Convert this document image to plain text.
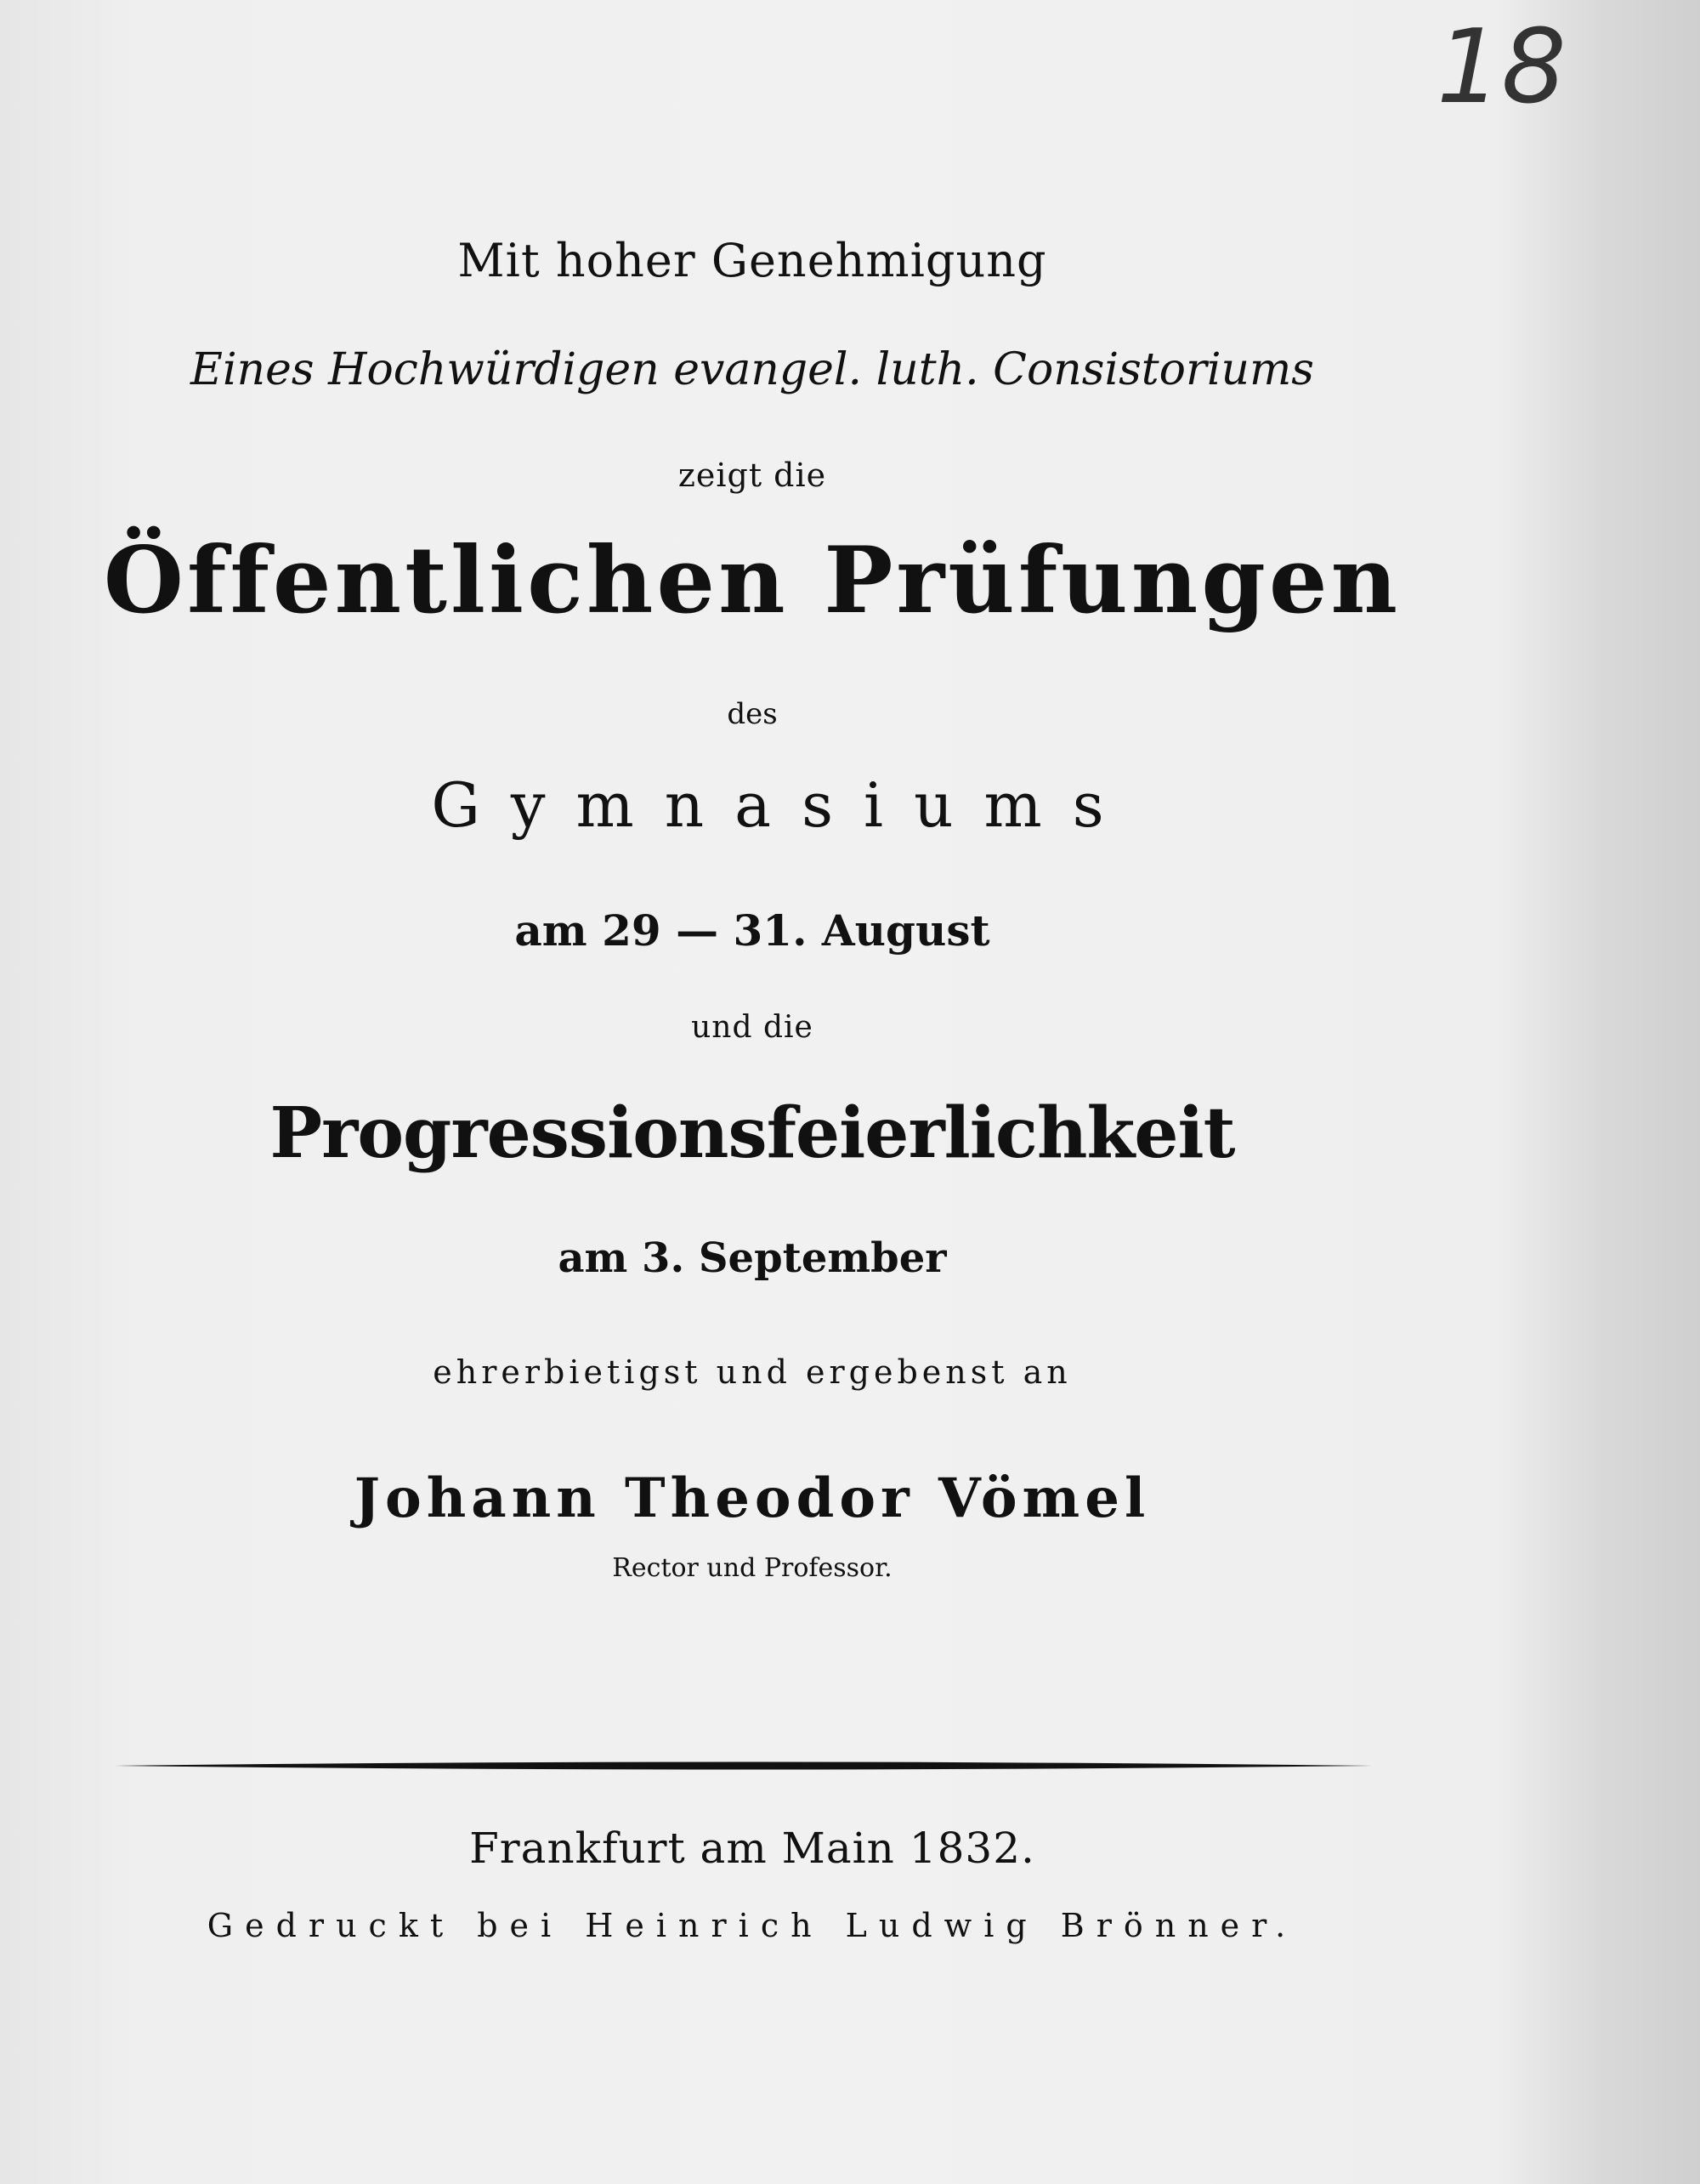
18
Mit hoher Genehmigung
Eines Hochwürdigen evangel. luth. Consistoriums
zeigt die
Öffentlichen Prüfungen
des
Gymnasiums
am 29 — 31. August
und die
Progressionsfeierlichkeit
am 3. September
ehrerbietigst und ergebenst an
Johann Theodor Vömel
Rector und Professor.
Frankfurt am Main 1832.
Gedruckt bei Heinrich Ludwig Brönner.
